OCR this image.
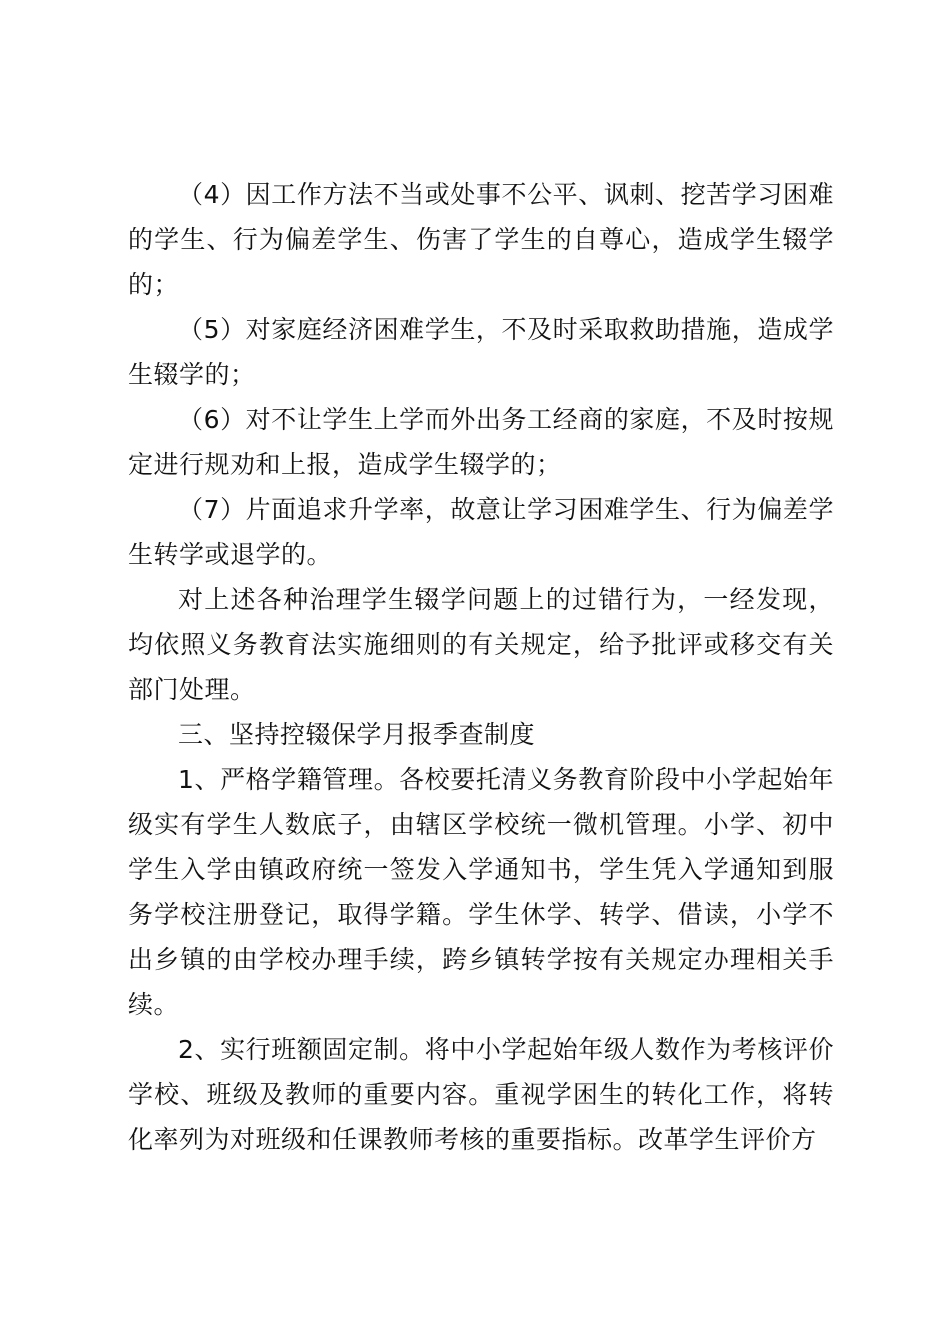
（4）因工作方法不当或处事不公平、讽刺、挖苦学习困难的学生、行为偏差学生、伤害了学生的自尊心，造成学生辍学的；

（5）对家庭经济困难学生，不及时采取救助措施，造成学生辍学的；

（6）对不让学生上学而外出务工经商的家庭，不及时按规定进行规劝和上报，造成学生辍学的；

（7）片面追求升学率，故意让学习困难学生、行为偏差学生转学或退学的。

对上述各种治理学生辍学问题上的过错行为，一经发现，均依照义务教育法实施细则的有关规定，给予批评或移交有关部门处理。

三、坚持控辍保学月报季查制度

1、严格学籍管理。各校要托清义务教育阶段中小学起始年级实有学生人数底子，由辖区学校统一微机管理。小学、初中学生入学由镇政府统一签发入学通知书，学生凭入学通知到服务学校注册登记，取得学籍。学生休学、转学、借读，小学不出乡镇的由学校办理手续，跨乡镇转学按有关规定办理相关手续。

2、实行班额固定制。将中小学起始年级人数作为考核评价学校、班级及教师的重要内容。重视学困生的转化工作，将转化率列为对班级和任课教师考核的重要指标。改革学生评价方
